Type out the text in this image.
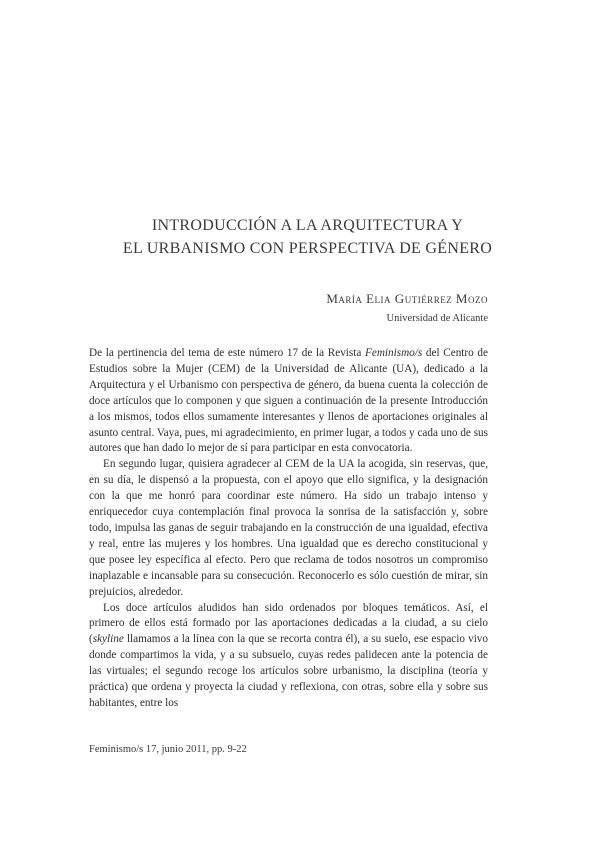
INTRODUCCIÓN A LA ARQUITECTURA Y
EL URBANISMO CON PERSPECTIVA DE GÉNERO
María Elia Gutiérrez Mozo
Universidad de Alicante

De la pertinencia del tema de este número 17 de la Revista Feminismo/s del Centro de Estudios sobre la Mujer (CEM) de la Universidad de Alicante (UA), dedicado a la Arquitectura y el Urbanismo con perspectiva de género, da buena cuenta la colección de doce artículos que lo componen y que siguen a continuación de la presente Introducción a los mismos, todos ellos sumamente interesantes y llenos de aportaciones originales al asunto central. Vaya, pues, mi agradecimiento, en primer lugar, a todos y cada uno de sus autores que han dado lo mejor de sí para participar en esta convocatoria.

En segundo lugar, quisiera agradecer al CEM de la UA la acogida, sin reservas, que, en su día, le dispensó a la propuesta, con el apoyo que ello significa, y la designación con la que me honró para coordinar este número. Ha sido un trabajo intenso y enriquecedor cuya contemplación final provoca la sonrisa de la satisfacción y, sobre todo, impulsa las ganas de seguir trabajando en la construcción de una igualdad, efectiva y real, entre las mujeres y los hombres. Una igualdad que es derecho constitucional y que posee ley específica al efecto. Pero que reclama de todos nosotros un compromiso inaplazable e incansable para su consecución. Reconocerlo es sólo cuestión de mirar, sin prejuicios, alrededor.

Los doce artículos aludidos han sido ordenados por bloques temáticos. Así, el primero de ellos está formado por las aportaciones dedicadas a la ciudad, a su cielo (skyline llamamos a la línea con la que se recorta contra él), a su suelo, ese espacio vivo donde compartimos la vida, y a su subsuelo, cuyas redes palidecen ante la potencia de las virtuales; el segundo recoge los artículos sobre urbanismo, la disciplina (teoría y práctica) que ordena y proyecta la ciudad y reflexiona, con otras, sobre ella y sobre sus habitantes, entre los

Feminismo/s 17, junio 2011, pp. 9-22
